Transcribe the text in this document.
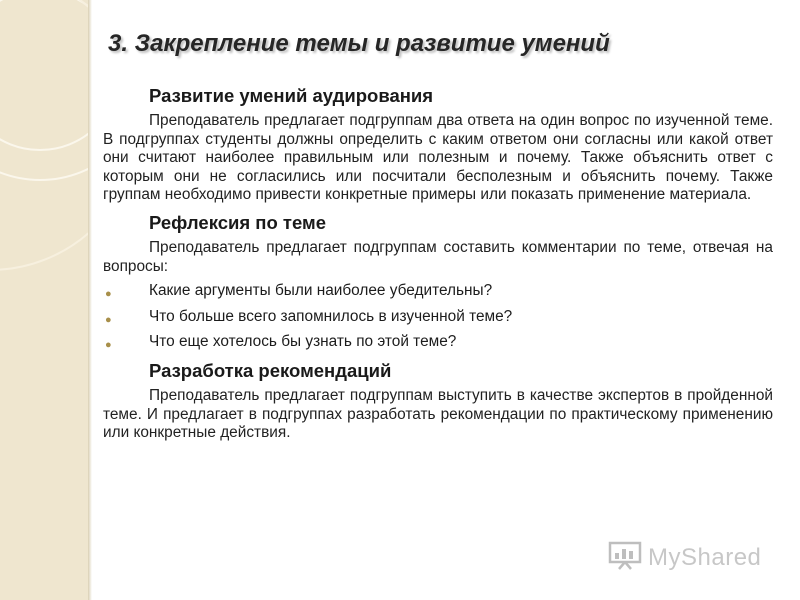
3. Закрепление темы и развитие умений
Развитие умений аудирования

Преподаватель предлагает подгруппам два ответа на один вопрос по изученной теме. В подгруппах студенты должны определить с каким ответом они согласны или какой ответ они считают наиболее правильным или полезным и почему. Также объяснить ответ с которым они не согласились или посчитали бесполезным и объяснить почему. Также группам необходимо привести конкретные примеры или показать применение материала.

Рефлексия по теме

Преподаватель предлагает подгруппам составить комментарии по теме, отвечая на вопросы:

● Какие аргументы были наиболее убедительны?
● Что больше всего запомнилось в изученной теме?
● Что еще хотелось бы узнать по этой теме?
Разработка рекомендаций

Преподаватель предлагает подгруппам выступить в качестве экспертов в пройденной теме. И предлагает в подгруппах разработать рекомендации по практическому применению или конкретные действия.

MyShared
